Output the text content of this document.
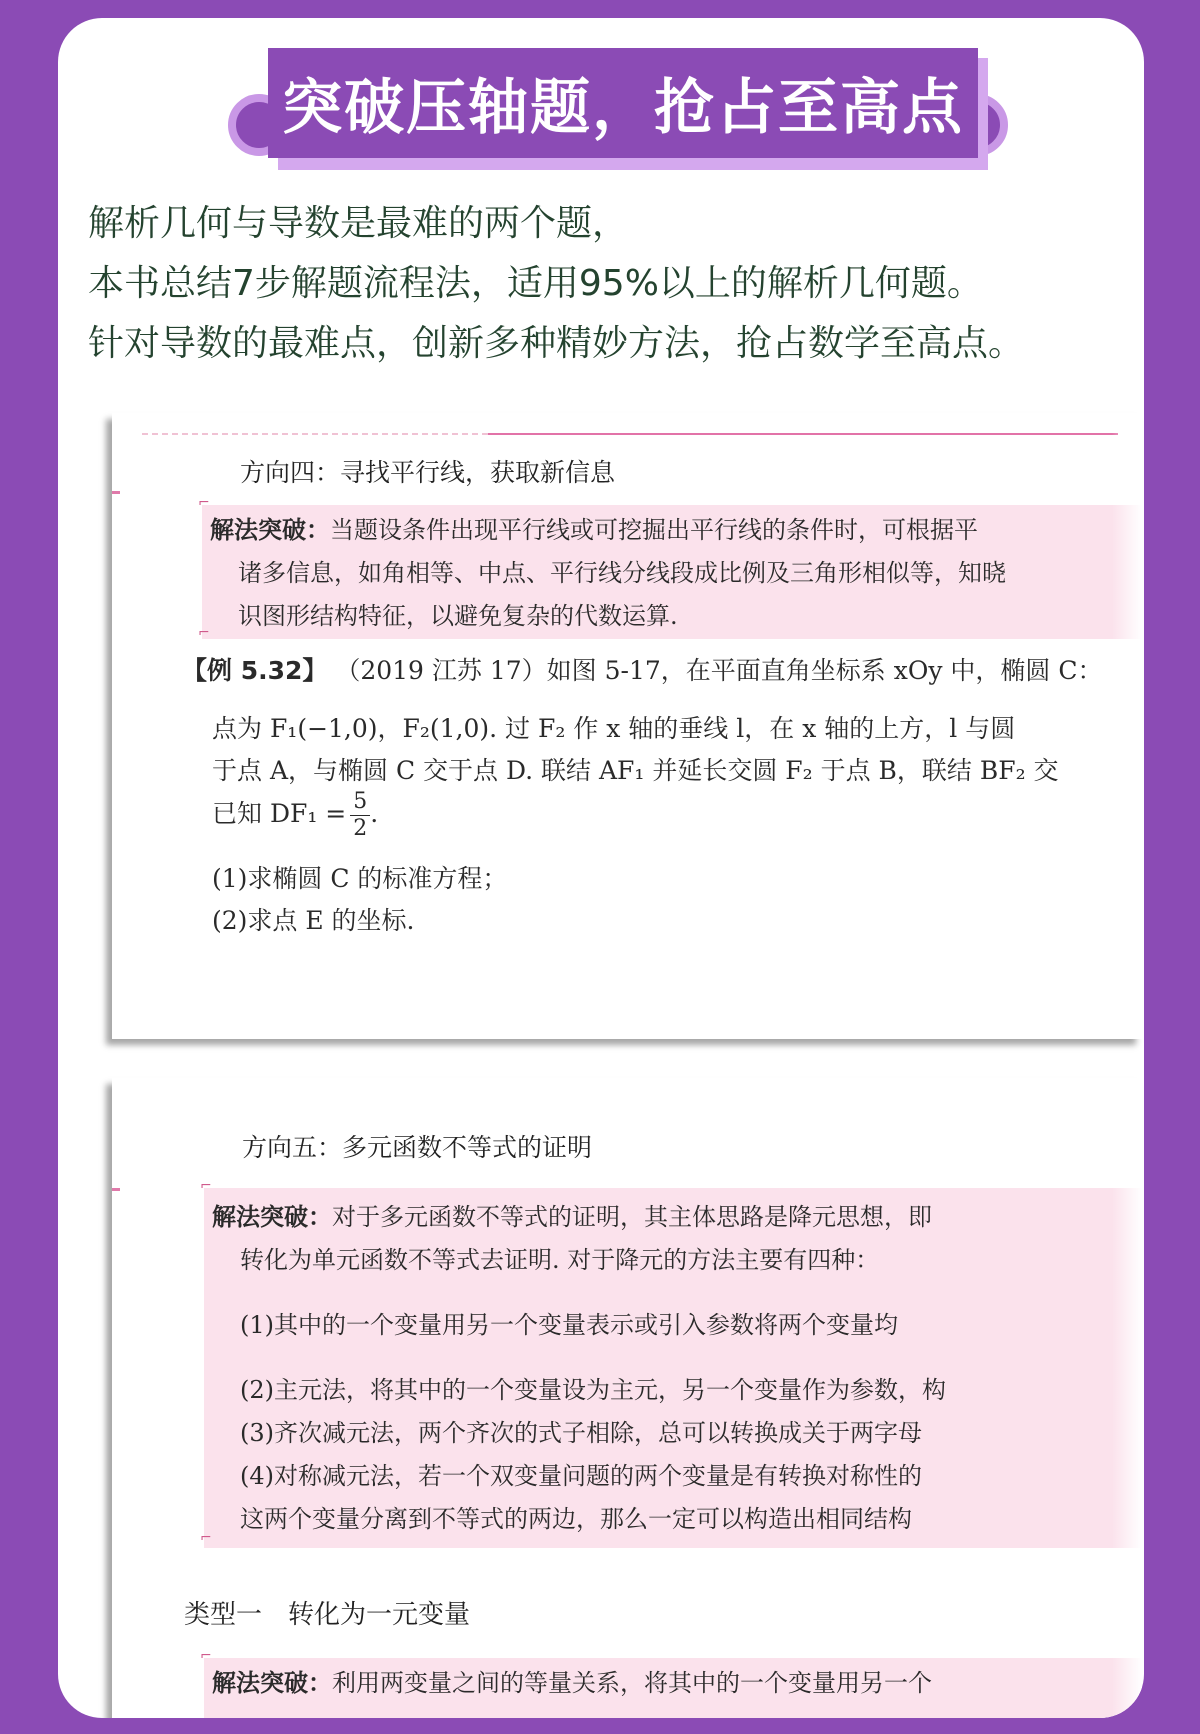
突破压轴题，抢占至高点
解析几何与导数是最难的两个题，
本书总结7步解题流程法，适用95%以上的解析几何题。
针对导数的最难点，创新多种精妙方法，抢占数学至高点。
方向四：寻找平行线，获取新信息
解法突破：当题设条件出现平行线或可挖掘出平行线的条件时，可根据平
诸多信息，如角相等、中点、平行线分线段成比例及三角形相似等，知晓
识图形结构特征，以避免复杂的代数运算.
⌐
⌐
【例 5.32】 （2019 江苏 17）如图 5-17，在平面直角坐标系 xOy 中，椭圆 C：
点为 F₁(−1,0)，F₂(1,0). 过 F₂ 作 x 轴的垂线 l，在 x 轴的上方，l 与圆
于点 A，与椭圆 C 交于点 D. 联结 AF₁ 并延长交圆 F₂ 于点 B，联结 BF₂ 交
已知 $DF_1 = \frac{5}{2}$ .
(1)求椭圆 C 的标准方程；
(2)求点 E 的坐标.
方向五：多元函数不等式的证明
解法突破：对于多元函数不等式的证明，其主体思路是降元思想，即
转化为单元函数不等式去证明. 对于降元的方法主要有四种：
(1)其中的一个变量用另一个变量表示或引入参数将两个变量均
(2)主元法，将其中的一个变量设为主元，另一个变量作为参数，构
(3)齐次减元法，两个齐次的式子相除，总可以转换成关于两字母
(4)对称减元法，若一个双变量问题的两个变量是有转换对称性的
这两个变量分离到不等式的两边，那么一定可以构造出相同结构
⌐
⌐
类型一　转化为一元变量
解法突破：利用两变量之间的等量关系，将其中的一个变量用另一个
⌐
